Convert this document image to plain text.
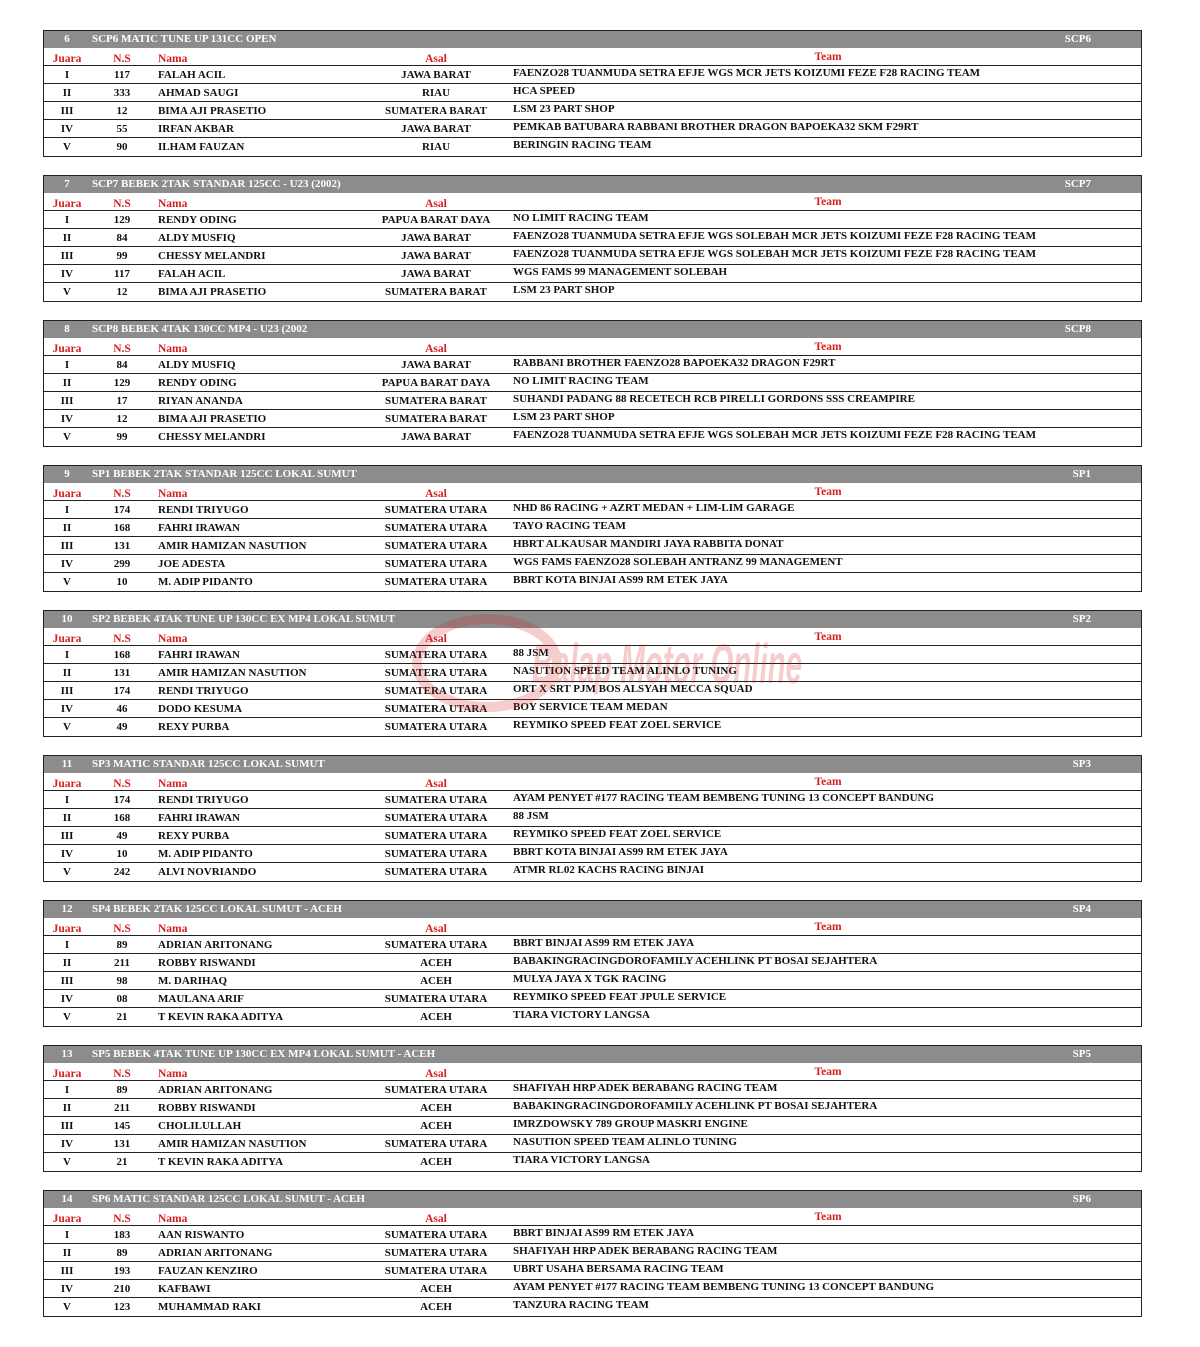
6	SCP6 MATIC TUNE UP 131CC OPEN	SCP6
Juara	N.S	Nama	Asal	Team
I	117	FALAH ACIL	JAWA BARAT	FAENZO28 TUANMUDA SETRA EFJE WGS MCR JETS KOIZUMI FEZE F28 RACING TEAM
II	333	AHMAD SAUGI	RIAU	HCA SPEED
III	12	BIMA AJI PRASETIO	SUMATERA BARAT	LSM 23 PART SHOP
IV	55	IRFAN AKBAR	JAWA BARAT	PEMKAB BATUBARA RABBANI BROTHER DRAGON BAPOEKA32 SKM F29RT
V	90	ILHAM FAUZAN	RIAU	BERINGIN RACING TEAM
7	SCP7 BEBEK 2TAK STANDAR 125CC - U23 (2002)	SCP7
Juara	N.S	Nama	Asal	Team
I	129	RENDY ODING	PAPUA BARAT DAYA	NO LIMIT RACING TEAM
II	84	ALDY MUSFIQ	JAWA BARAT	FAENZO28 TUANMUDA SETRA EFJE WGS SOLEBAH MCR JETS KOIZUMI FEZE F28 RACING TEAM
III	99	CHESSY MELANDRI	JAWA BARAT	FAENZO28 TUANMUDA SETRA EFJE WGS SOLEBAH MCR JETS KOIZUMI FEZE F28 RACING TEAM
IV	117	FALAH ACIL	JAWA BARAT	WGS FAMS 99 MANAGEMENT SOLEBAH
V	12	BIMA AJI PRASETIO	SUMATERA BARAT	LSM 23 PART SHOP
8	SCP8 BEBEK 4TAK 130CC MP4 - U23 (2002	SCP8
Juara	N.S	Nama	Asal	Team
I	84	ALDY MUSFIQ	JAWA BARAT	RABBANI BROTHER FAENZO28 BAPOEKA32 DRAGON F29RT
II	129	RENDY ODING	PAPUA BARAT DAYA	NO LIMIT RACING TEAM
III	17	RIYAN ANANDA	SUMATERA BARAT	SUHANDI PADANG 88 RECETECH RCB PIRELLI GORDONS SSS CREAMPIRE
IV	12	BIMA AJI PRASETIO	SUMATERA BARAT	LSM 23 PART SHOP
V	99	CHESSY MELANDRI	JAWA BARAT	FAENZO28 TUANMUDA SETRA EFJE WGS SOLEBAH MCR JETS KOIZUMI FEZE F28 RACING TEAM
9	SP1 BEBEK 2TAK STANDAR 125CC LOKAL SUMUT	SP1
Juara	N.S	Nama	Asal	Team
I	174	RENDI TRIYUGO	SUMATERA UTARA	NHD 86 RACING + AZRT MEDAN + LIM-LIM GARAGE
II	168	FAHRI IRAWAN	SUMATERA UTARA	TAYO RACING TEAM
III	131	AMIR HAMIZAN NASUTION	SUMATERA UTARA	HBRT ALKAUSAR MANDIRI JAYA RABBITA DONAT
IV	299	JOE ADESTA	SUMATERA UTARA	WGS FAMS FAENZO28 SOLEBAH ANTRANZ 99 MANAGEMENT
V	10	M. ADIP PIDANTO	SUMATERA UTARA	BBRT KOTA BINJAI AS99 RM ETEK JAYA
10	SP2 BEBEK 4TAK TUNE UP 130CC EX MP4 LOKAL SUMUT	SP2
Juara	N.S	Nama	Asal	Team
I	168	FAHRI IRAWAN	SUMATERA UTARA	88 JSM
II	131	AMIR HAMIZAN NASUTION	SUMATERA UTARA	NASUTION SPEED TEAM ALINLO TUNING
III	174	RENDI TRIYUGO	SUMATERA UTARA	ORT X SRT PJM BOS ALSYAH MECCA SQUAD
IV	46	DODO KESUMA	SUMATERA UTARA	BOY SERVICE TEAM MEDAN
V	49	REXY PURBA	SUMATERA UTARA	REYMIKO SPEED FEAT ZOEL SERVICE
11	SP3 MATIC STANDAR 125CC LOKAL SUMUT	SP3
Juara	N.S	Nama	Asal	Team
I	174	RENDI TRIYUGO	SUMATERA UTARA	AYAM PENYET #177 RACING TEAM BEMBENG TUNING 13 CONCEPT BANDUNG
II	168	FAHRI IRAWAN	SUMATERA UTARA	88 JSM
III	49	REXY PURBA	SUMATERA UTARA	REYMIKO SPEED FEAT ZOEL SERVICE
IV	10	M. ADIP PIDANTO	SUMATERA UTARA	BBRT KOTA BINJAI AS99 RM ETEK JAYA
V	242	ALVI NOVRIANDO	SUMATERA UTARA	ATMR RL02 KACHS RACING BINJAI
12	SP4 BEBEK 2TAK 125CC LOKAL SUMUT - ACEH	SP4
Juara	N.S	Nama	Asal	Team
I	89	ADRIAN ARITONANG	SUMATERA UTARA	BBRT BINJAI AS99 RM ETEK JAYA
II	211	ROBBY RISWANDI	ACEH	BABAKINGRACINGDOROFAMILY ACEHLINK PT BOSAI SEJAHTERA
III	98	M. DARIHAQ	ACEH	MULYA JAYA X TGK RACING
IV	08	MAULANA ARIF	SUMATERA UTARA	REYMIKO SPEED FEAT JPULE SERVICE
V	21	T KEVIN RAKA ADITYA	ACEH	TIARA VICTORY LANGSA
13	SP5 BEBEK 4TAK TUNE UP 130CC EX MP4 LOKAL SUMUT - ACEH	SP5
Juara	N.S	Nama	Asal	Team
I	89	ADRIAN ARITONANG	SUMATERA UTARA	SHAFIYAH HRP ADEK BERABANG RACING TEAM
II	211	ROBBY RISWANDI	ACEH	BABAKINGRACINGDOROFAMILY ACEHLINK PT BOSAI SEJAHTERA
III	145	CHOLILULLAH	ACEH	IMRZDOWSKY 789 GROUP MASKRI ENGINE
IV	131	AMIR HAMIZAN NASUTION	SUMATERA UTARA	NASUTION SPEED TEAM ALINLO TUNING
V	21	T KEVIN RAKA ADITYA	ACEH	TIARA VICTORY LANGSA
14	SP6 MATIC STANDAR 125CC LOKAL SUMUT - ACEH	SP6
Juara	N.S	Nama	Asal	Team
I	183	AAN RISWANTO	SUMATERA UTARA	BBRT BINJAI AS99 RM ETEK JAYA
II	89	ADRIAN ARITONANG	SUMATERA UTARA	SHAFIYAH HRP ADEK BERABANG RACING TEAM
III	193	FAUZAN KENZIRO	SUMATERA UTARA	UBRT USAHA BERSAMA RACING TEAM
IV	210	KAFBAWI	ACEH	AYAM PENYET #177 RACING TEAM BEMBENG TUNING 13 CONCEPT BANDUNG
V	123	MUHAMMAD RAKI	ACEH	TANZURA RACING TEAM
Balap Motor Online
